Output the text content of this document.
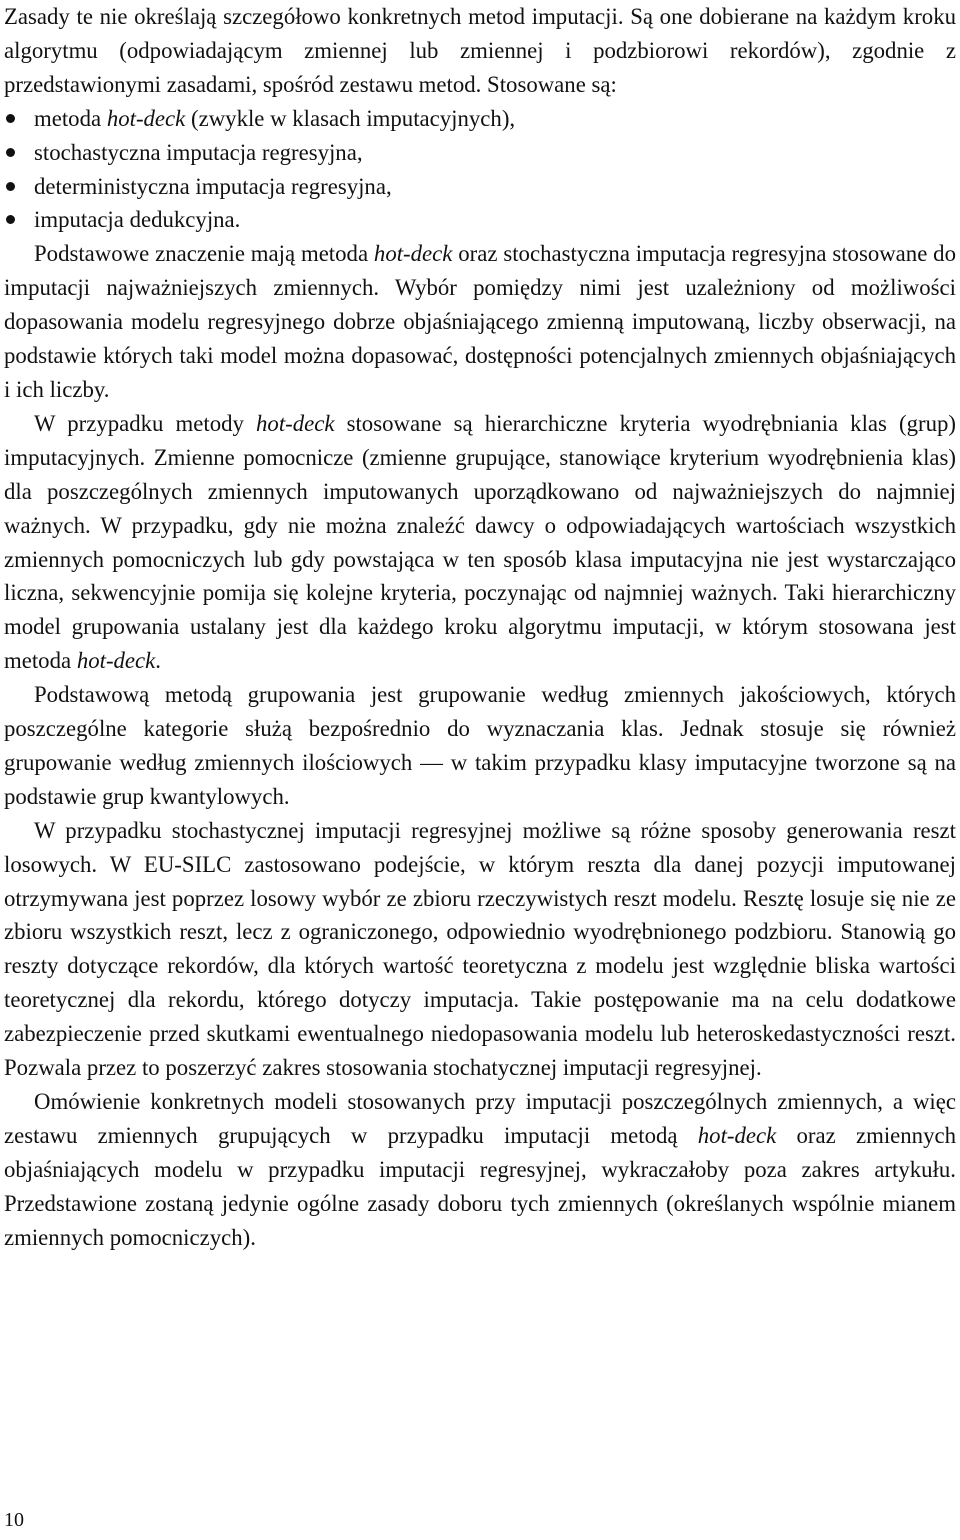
Zasady te nie określają szczegółowo konkretnych metod imputacji. Są one dobierane na każdym kroku algorytmu (odpowiadającym zmiennej lub zmiennej i podzbiorowi rekordów), zgodnie z przedstawionymi zasadami, spośród zestawu metod. Stosowane są:

metoda hot-deck (zwykle w klasach imputacyjnych),
stochastyczna imputacja regresyjna,
deterministyczna imputacja regresyjna,
imputacja dedukcyjna.

Podstawowe znaczenie mają metoda hot-deck oraz stochastyczna imputacja regresyjna stosowane do imputacji najważniejszych zmiennych. Wybór pomiędzy nimi jest uzależniony od możliwości dopasowania modelu regresyjnego dobrze objaśniającego zmienną imputowaną, liczby obserwacji, na podstawie których taki model można dopasować, dostępności potencjalnych zmiennych objaśniających i ich liczby.

W przypadku metody hot-deck stosowane są hierarchiczne kryteria wyodrębniania klas (grup) imputacyjnych. Zmienne pomocnicze (zmienne grupujące, stanowiące kryterium wyodrębnienia klas) dla poszczególnych zmiennych imputowanych uporządkowano od najważniejszych do najmniej ważnych. W przypadku, gdy nie można znaleźć dawcy o odpowiadających wartościach wszystkich zmiennych pomocniczych lub gdy powstająca w ten sposób klasa imputacyjna nie jest wystarczająco liczna, sekwencyjnie pomija się kolejne kryteria, poczynając od najmniej ważnych. Taki hierarchiczny model grupowania ustalany jest dla każdego kroku algorytmu imputacji, w którym stosowana jest metoda hot-deck.

Podstawową metodą grupowania jest grupowanie według zmiennych jakościowych, których poszczególne kategorie służą bezpośrednio do wyznaczania klas. Jednak stosuje się również grupowanie według zmiennych ilościowych — w takim przypadku klasy imputacyjne tworzone są na podstawie grup kwantylowych.

W przypadku stochastycznej imputacji regresyjnej możliwe są różne sposoby generowania reszt losowych. W EU-SILC zastosowano podejście, w którym reszta dla danej pozycji imputowanej otrzymywana jest poprzez losowy wybór ze zbioru rzeczywistych reszt modelu. Resztę losuje się nie ze zbioru wszystkich reszt, lecz z ograniczonego, odpowiednio wyodrębnionego podzbioru. Stanowią go reszty dotyczące rekordów, dla których wartość teoretyczna z modelu jest względnie bliska wartości teoretycznej dla rekordu, którego dotyczy imputacja. Takie postępowanie ma na celu dodatkowe zabezpieczenie przed skutkami ewentualnego niedopasowania modelu lub heteroskedastyczności reszt. Pozwala przez to poszerzyć zakres stosowania stochatycznej imputacji regresyjnej.

Omówienie konkretnych modeli stosowanych przy imputacji poszczególnych zmiennych, a więc zestawu zmiennych grupujących w przypadku imputacji metodą hot-deck oraz zmiennych objaśniających modelu w przypadku imputacji regresyjnej, wykraczałoby poza zakres artykułu. Przedstawione zostaną jedynie ogólne zasady doboru tych zmiennych (określanych wspólnie mianem zmiennych pomocniczych).

10
